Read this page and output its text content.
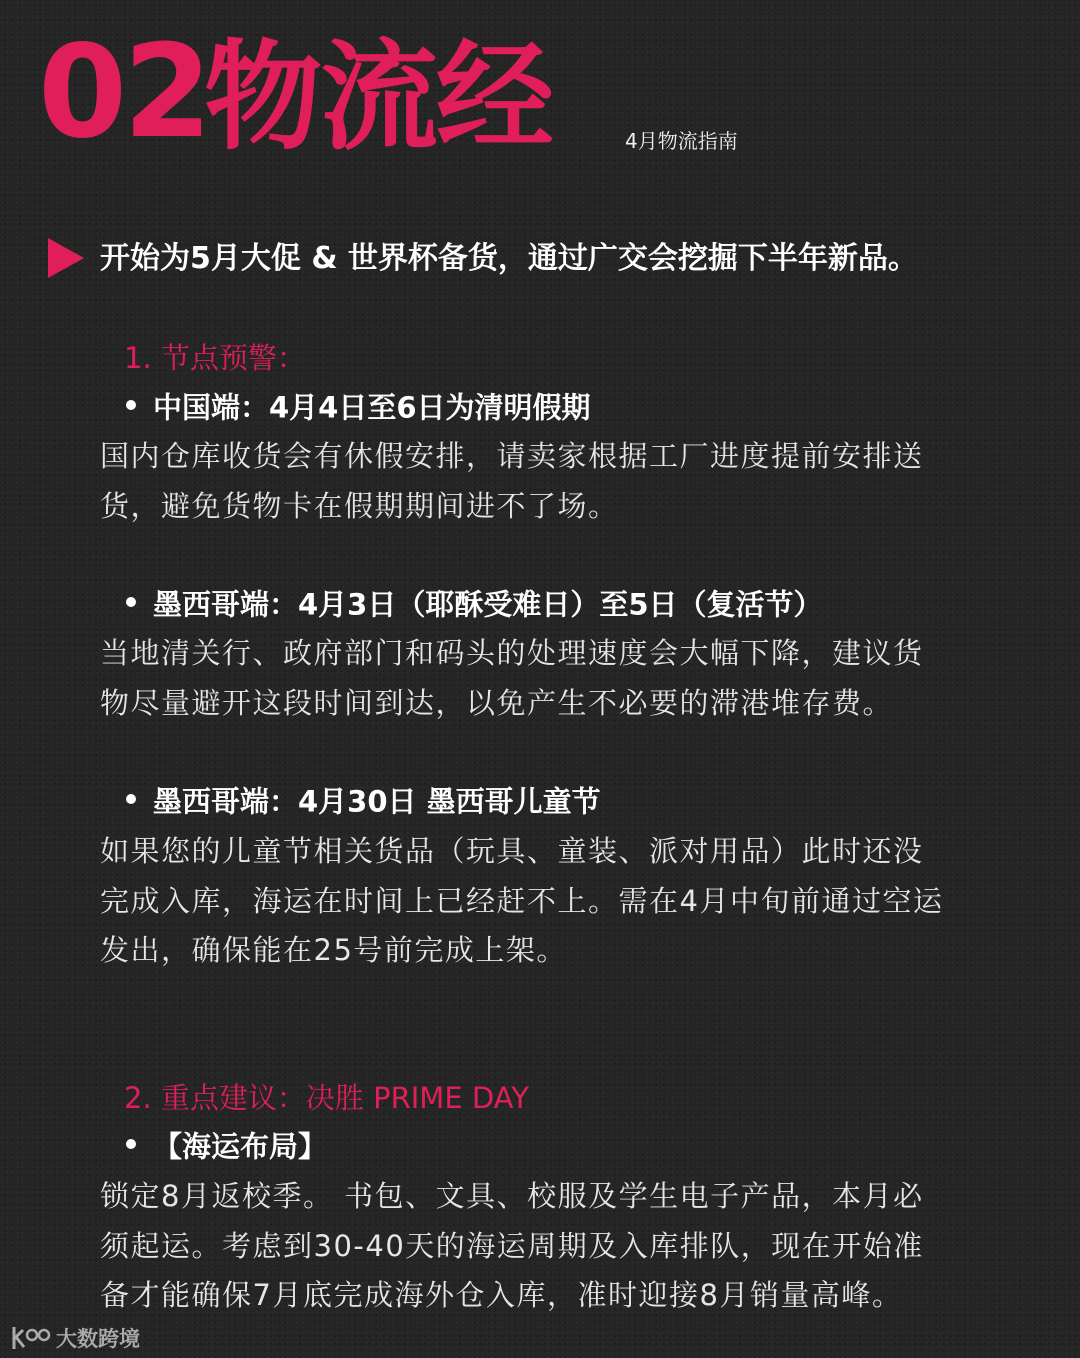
02
物流经	4月物流指南
开始为5月大促 & 世界杯备货，通过广交会挖掘下半年新品。
1. 节点预警：
中国端：4月4日至6日为清明假期
国内仓库收货会有休假安排，请卖家根据工厂进度提前安排送
货，避免货物卡在假期期间进不了场。
墨西哥端：4月3日（耶酥受难日）至5日（复活节）
当地清关行、政府部门和码头的处理速度会大幅下降，建议货
物尽量避开这段时间到达，以免产生不必要的滞港堆存费。
墨西哥端：4月30日 墨西哥儿童节
如果您的儿童节相关货品（玩具、童装、派对用品）此时还没
完成入库，海运在时间上已经赶不上。需在4月中旬前通过空运
发出，确保能在25号前完成上架。
2. 重点建议：决胜 PRIME DAY
【海运布局】
锁定8月返校季。 书包、文具、校服及学生电子产品，本月必
须起运。考虑到30-40天的海运周期及入库排队，现在开始准
备才能确保7月底完成海外仓入库，准时迎接8月销量高峰。
大数跨境
